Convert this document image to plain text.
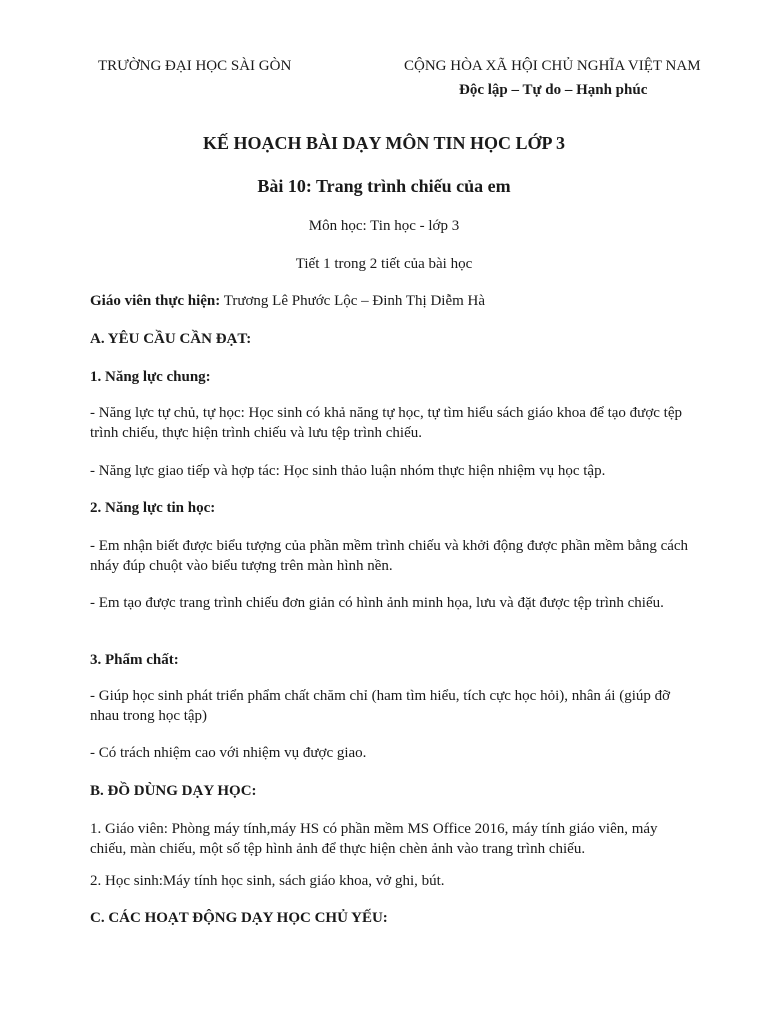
TRƯỜNG ĐẠI HỌC SÀI GÒN	CỘNG HÒA XÃ HỘI CHỦ NGHĨA VIỆT NAM
Độc lập – Tự do – Hạnh phúc
KẾ HOẠCH BÀI DẠY MÔN TIN HỌC LỚP 3
Bài 10: Trang trình chiếu của em
Môn học: Tin học - lớp 3
Tiết 1 trong 2 tiết của bài học
Giáo viên thực hiện: Trương Lê Phước Lộc – Đinh Thị Diễm Hà
A. YÊU CẦU CẦN ĐẠT:
1. Năng lực chung:
- Năng lực tự chủ, tự học: Học sinh có khả năng tự học, tự tìm hiểu sách giáo khoa để tạo được tệp trình chiếu, thực hiện trình chiếu và lưu tệp trình chiếu.
- Năng lực giao tiếp và hợp tác: Học sinh thảo luận nhóm thực hiện nhiệm vụ học tập.
2. Năng lực tin học:
- Em nhận biết được biểu tượng của phần mềm trình chiếu và khởi động được phần mềm bằng cách nháy đúp chuột vào biểu tượng trên màn hình nền.
- Em tạo được trang trình chiếu đơn giản có hình ảnh minh họa, lưu và đặt được tệp trình chiếu.
3. Phẩm chất:
- Giúp học sinh phát triển phẩm chất chăm chỉ (ham tìm hiểu, tích cực học hỏi), nhân ái (giúp đỡ nhau trong học tập)
- Có trách nhiệm cao với nhiệm vụ được giao.
B. ĐỒ DÙNG DẠY HỌC:
1. Giáo viên: Phòng máy tính,máy HS có phần mềm MS Office 2016, máy tính giáo viên, máy chiếu, màn chiếu, một số tệp hình ảnh để thực hiện chèn ảnh vào trang trình chiếu.
2. Học sinh:Máy tính học sinh, sách giáo khoa, vở ghi, bút.
C. CÁC HOẠT ĐỘNG DẠY HỌC CHỦ YẾU:
